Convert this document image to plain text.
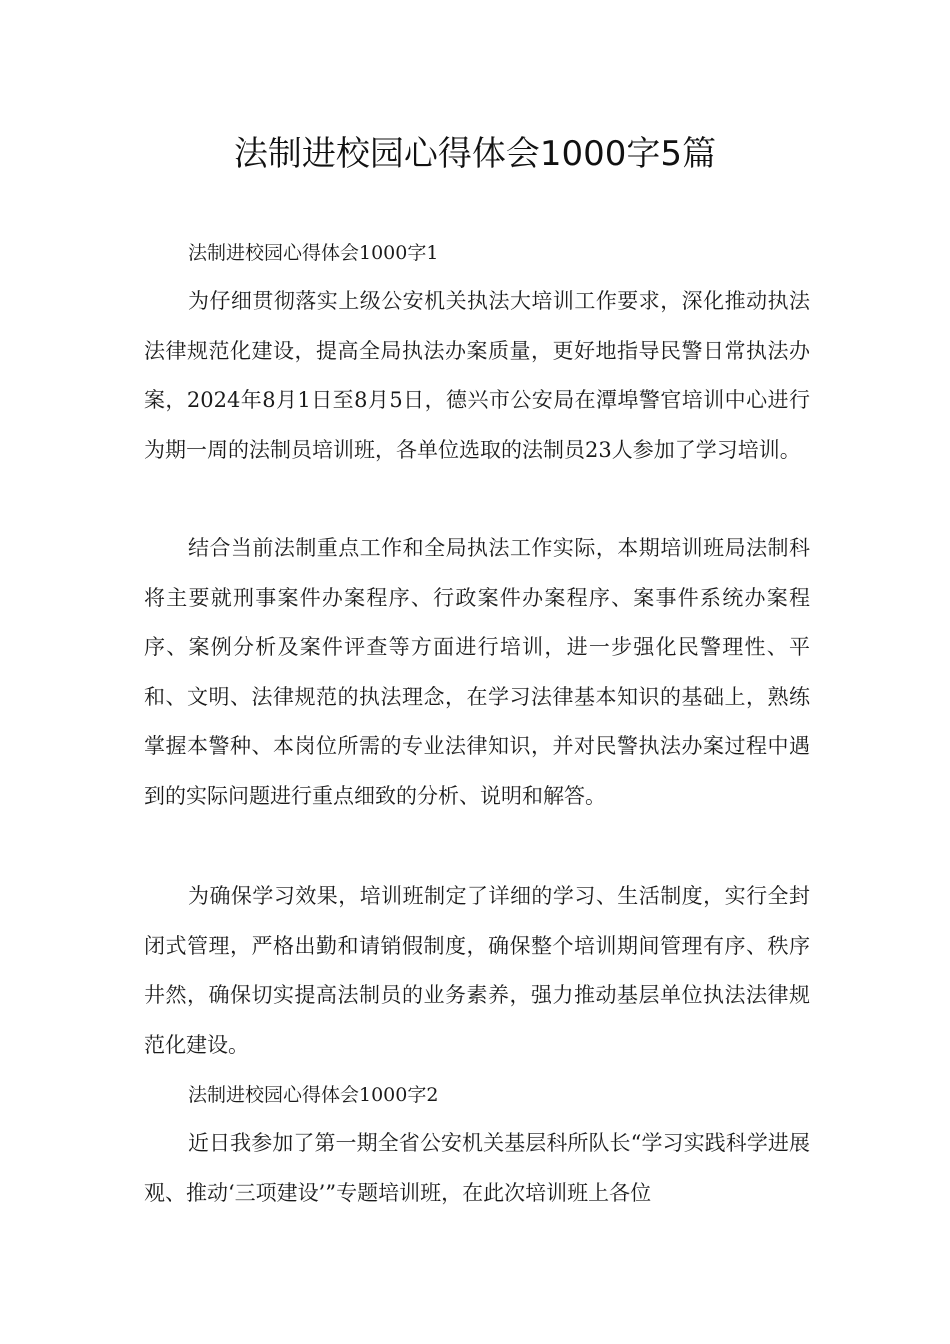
法制进校园心得体会1000字5篇
法制进校园心得体会1000字1

为仔细贯彻落实上级公安机关执法大培训工作要求，深化推动执法法律规范化建设，提高全局执法办案质量，更好地指导民警日常执法办案，2024年8月1日至8月5日，德兴市公安局在潭埠警官培训中心进行为期一周的法制员培训班，各单位选取的法制员23人参加了学习培训。

结合当前法制重点工作和全局执法工作实际，本期培训班局法制科将主要就刑事案件办案程序、行政案件办案程序、案事件系统办案程序、案例分析及案件评查等方面进行培训，进一步强化民警理性、平和、文明、法律规范的执法理念，在学习法律基本知识的基础上，熟练掌握本警种、本岗位所需的专业法律知识，并对民警执法办案过程中遇到的实际问题进行重点细致的分析、说明和解答。

为确保学习效果，培训班制定了详细的学习、生活制度，实行全封闭式管理，严格出勤和请销假制度，确保整个培训期间管理有序、秩序井然，确保切实提高法制员的业务素养，强力推动基层单位执法法律规范化建设。

法制进校园心得体会1000字2

近日我参加了第一期全省公安机关基层科所队长“学习实践科学进展观、推动‘三项建设’”专题培训班，在此次培训班上各位
